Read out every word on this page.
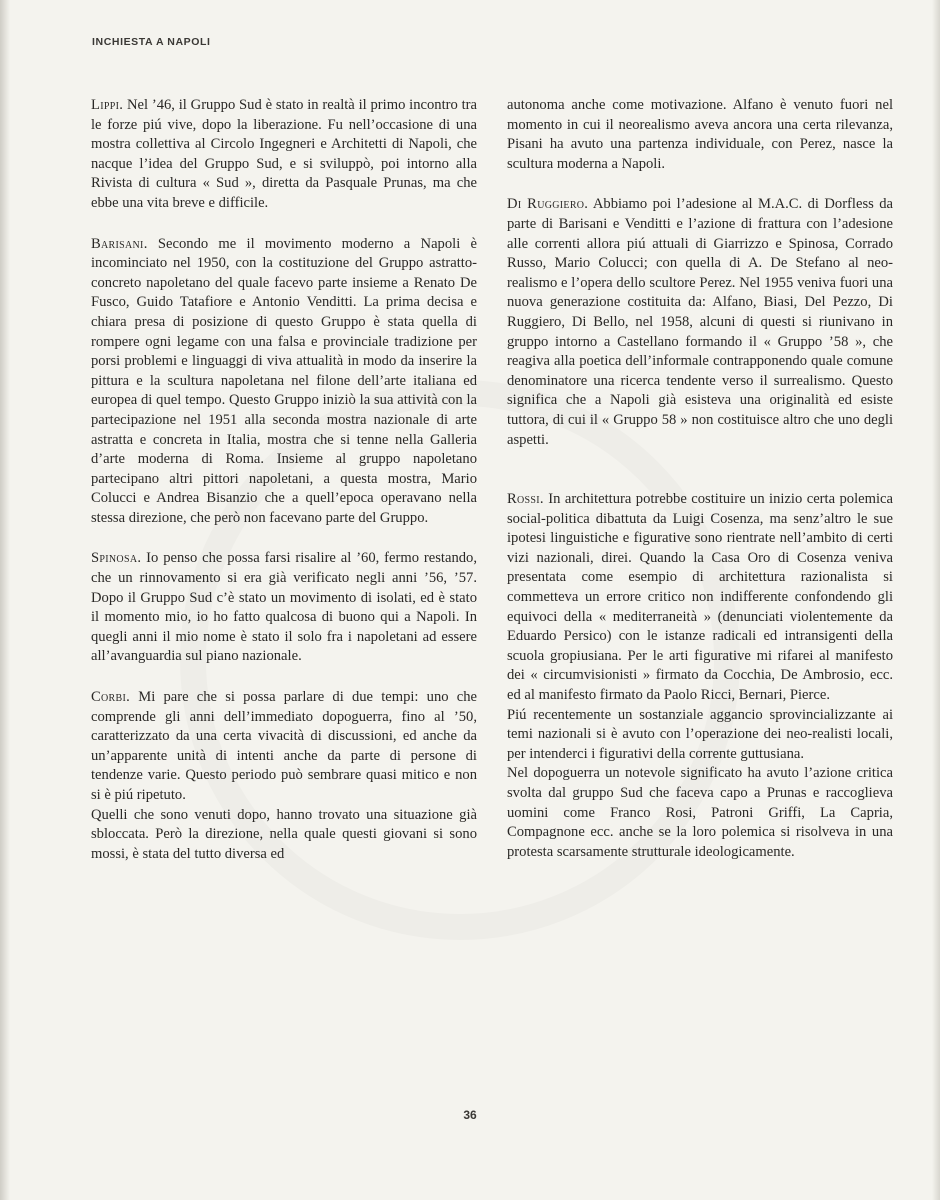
INCHIESTA A NAPOLI

Lippi. Nel ’46, il Gruppo Sud è stato in realtà il primo incontro tra le forze piú vive, dopo la liberazione. Fu nell’occasione di una mostra collettiva al Circolo Ingegneri e Architetti di Napoli, che nacque l’idea del Gruppo Sud, e si sviluppò, poi intorno alla Rivista di cultura « Sud », diretta da Pasquale Prunas, ma che ebbe una vita breve e difficile.

Barisani. Secondo me il movimento moderno a Napoli è incominciato nel 1950, con la costituzione del Gruppo astratto-concreto napoletano del quale facevo parte insieme a Renato De Fusco, Guido Tatafiore e Antonio Venditti. La prima decisa e chiara presa di posizione di questo Gruppo è stata quella di rompere ogni legame con una falsa e provinciale tradizione per porsi problemi e linguaggi di viva attualità in modo da inserire la pittura e la scultura napoletana nel filone dell’arte italiana ed europea di quel tempo. Questo Gruppo iniziò la sua attività con la partecipazione nel 1951 alla seconda mostra nazionale di arte astratta e concreta in Italia, mostra che si tenne nella Galleria d’arte moderna di Roma. Insieme al gruppo napoletano partecipano altri pittori napoletani, a questa mostra, Mario Colucci e Andrea Bisanzio che a quell’epoca operavano nella stessa direzione, che però non facevano parte del Gruppo.

Spinosa. Io penso che possa farsi risalire al ’60, fermo restando, che un rinnovamento si era già verificato negli anni ’56, ’57. Dopo il Gruppo Sud c’è stato un movimento di isolati, ed è stato il momento mio, io ho fatto qualcosa di buono qui a Napoli. In quegli anni il mio nome è stato il solo fra i napoletani ad essere all’avanguardia sul piano nazionale.

Corbi. Mi pare che si possa parlare di due tempi: uno che comprende gli anni dell’immediato dopoguerra, fino al ’50, caratterizzato da una certa vivacità di discussioni, ed anche da un’apparente unità di intenti anche da parte di persone di tendenze varie. Questo periodo può sembrare quasi mitico e non si è piú ripetuto.

Quelli che sono venuti dopo, hanno trovato una situazione già sbloccata. Però la direzione, nella quale questi giovani si sono mossi, è stata del tutto diversa ed

autonoma anche come motivazione. Alfano è venuto fuori nel momento in cui il neorealismo aveva ancora una certa rilevanza, Pisani ha avuto una partenza individuale, con Perez, nasce la scultura moderna a Napoli.

Di Ruggiero. Abbiamo poi l’adesione al M.A.C. di Dorfless da parte di Barisani e Venditti e l’azione di frattura con l’adesione alle correnti allora piú attuali di Giarrizzo e Spinosa, Corrado Russo, Mario Colucci; con quella di A. De Stefano al neo-realismo e l’opera dello scultore Perez. Nel 1955 veniva fuori una nuova generazione costituita da: Alfano, Biasi, Del Pezzo, Di Ruggiero, Di Bello, nel 1958, alcuni di questi si riunivano in gruppo intorno a Castellano formando il « Gruppo ’58 », che reagiva alla poetica dell’informale contrapponendo quale comune denominatore una ricerca tendente verso il surrealismo. Questo significa che a Napoli già esisteva una originalità ed esiste tuttora, di cui il « Gruppo 58 » non costituisce altro che uno degli aspetti.

Rossi. In architettura potrebbe costituire un inizio certa polemica social-politica dibattuta da Luigi Cosenza, ma senz’altro le sue ipotesi linguistiche e figurative sono rientrate nell’ambito di certi vizi nazionali, direi. Quando la Casa Oro di Cosenza veniva presentata come esempio di architettura razionalista si commetteva un errore critico non indifferente confondendo gli equivoci della « mediterraneità » (denunciati violentemente da Eduardo Persico) con le istanze radicali ed intransigenti della scuola gropiusiana. Per le arti figurative mi rifarei al manifesto dei « circumvisionisti » firmato da Cocchia, De Ambrosio, ecc. ed al manifesto firmato da Paolo Ricci, Bernari, Pierce.

Piú recentemente un sostanziale aggancio sprovincializzante ai temi nazionali si è avuto con l’operazione dei neo-realisti locali, per intenderci i figurativi della corrente guttusiana.

Nel dopoguerra un notevole significato ha avuto l’azione critica svolta dal gruppo Sud che faceva capo a Prunas e raccoglieva uomini come Franco Rosi, Patroni Griffi, La Capria, Compagnone ecc. anche se la loro polemica si risolveva in una protesta scarsamente strutturale ideologicamente.

36
